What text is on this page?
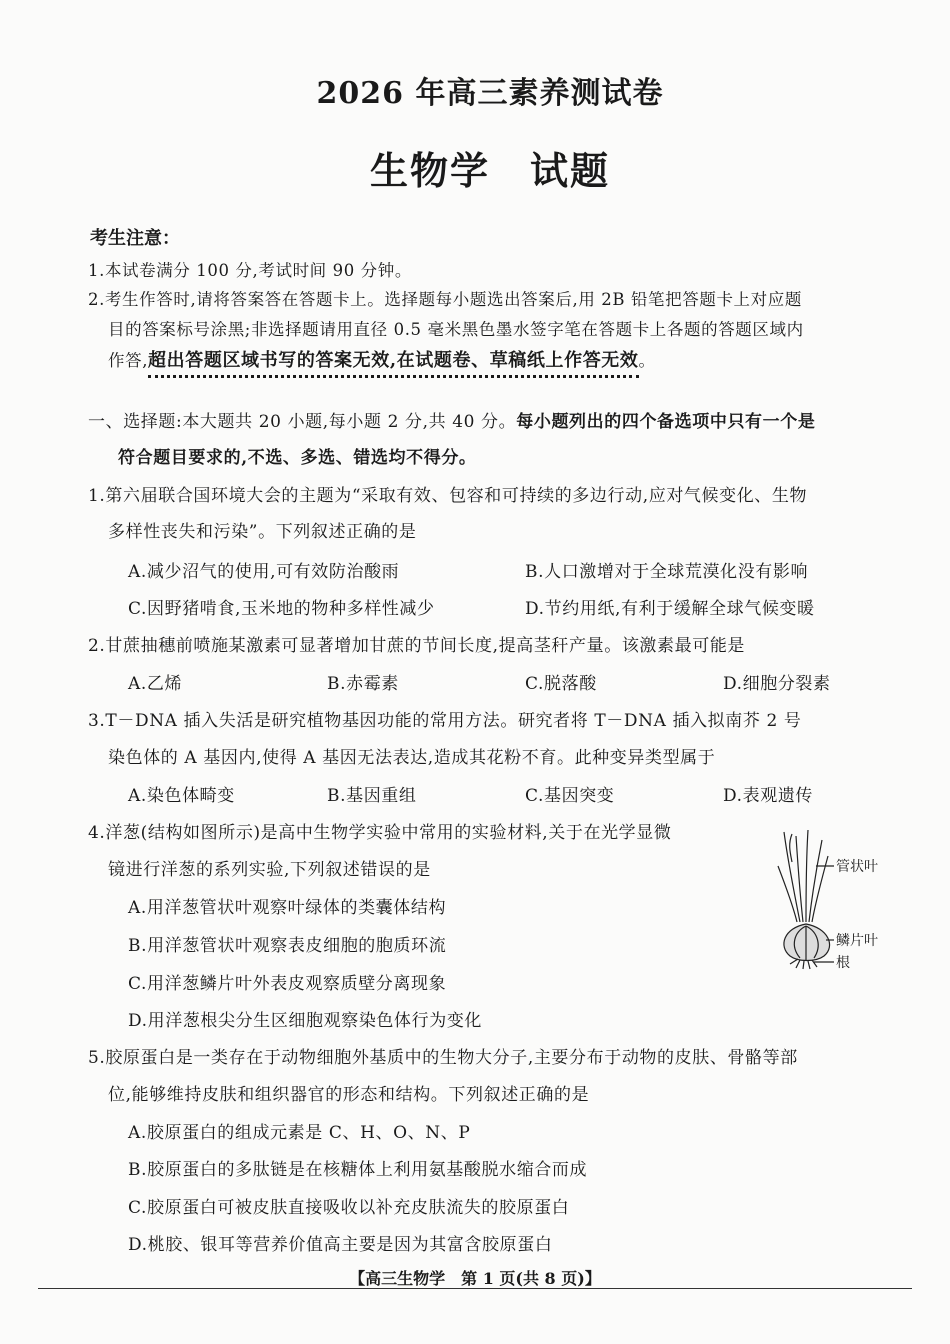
2026 年高三素养测试卷
生物学 试题
考生注意：
1.本试卷满分 100 分,考试时间 90 分钟。
2.考生作答时,请将答案答在答题卡上。选择题每小题选出答案后,用 2B 铅笔把答题卡上对应题
目的答案标号涂黑;非选择题请用直径 0.5 毫米黑色墨水签字笔在答题卡上各题的答题区域内
作答,超出答题区域书写的答案无效,在试题卷、草稿纸上作答无效。
一、选择题:本大题共 20 小题,每小题 2 分,共 40 分。每小题列出的四个备选项中只有一个是
符合题目要求的,不选、多选、错选均不得分。
1.第六届联合国环境大会的主题为“采取有效、包容和可持续的多边行动,应对气候变化、生物
多样性丧失和污染”。下列叙述正确的是
A.减少沼气的使用,可有效防治酸雨	B.人口激增对于全球荒漠化没有影响
C.因野猪啃食,玉米地的物种多样性减少	D.节约用纸,有利于缓解全球气候变暖
2.甘蔗抽穗前喷施某激素可显著增加甘蔗的节间长度,提高茎秆产量。该激素最可能是
A.乙烯	B.赤霉素	C.脱落酸	D.细胞分裂素
3.T－DNA 插入失活是研究植物基因功能的常用方法。研究者将 T－DNA 插入拟南芥 2 号
染色体的 A 基因内,使得 A 基因无法表达,造成其花粉不育。此种变异类型属于
A.染色体畸变	B.基因重组	C.基因突变	D.表观遗传
4.洋葱(结构如图所示)是高中生物学实验中常用的实验材料,关于在光学显微
镜进行洋葱的系列实验,下列叙述错误的是
A.用洋葱管状叶观察叶绿体的类囊体结构
B.用洋葱管状叶观察表皮细胞的胞质环流
C.用洋葱鳞片叶外表皮观察质壁分离现象
D.用洋葱根尖分生区细胞观察染色体行为变化
管状叶
鳞片叶
根
5.胶原蛋白是一类存在于动物细胞外基质中的生物大分子,主要分布于动物的皮肤、骨骼等部
位,能够维持皮肤和组织器官的形态和结构。下列叙述正确的是
A.胶原蛋白的组成元素是 C、H、O、N、P
B.胶原蛋白的多肽链是在核糖体上利用氨基酸脱水缩合而成
C.胶原蛋白可被皮肤直接吸收以补充皮肤流失的胶原蛋白
D.桃胶、银耳等营养价值高主要是因为其富含胶原蛋白
【高三生物学　第 1 页(共 8 页)】
